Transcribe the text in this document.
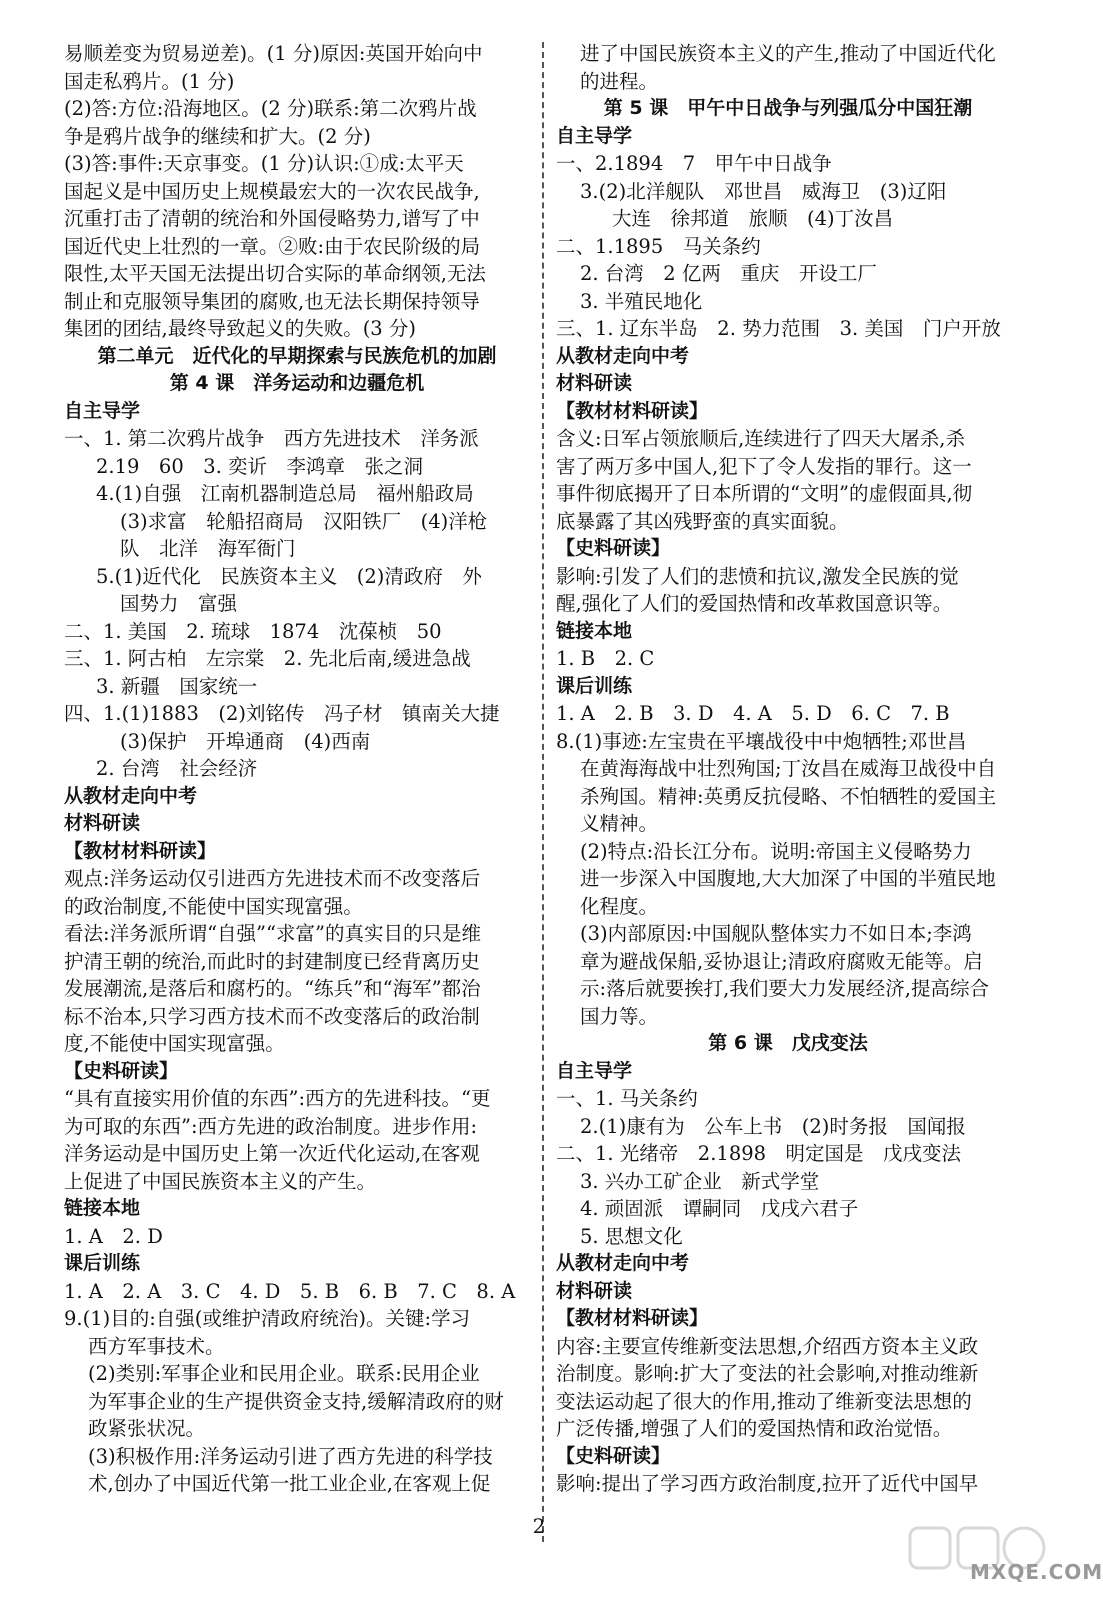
易顺差变为贸易逆差)。(1 分)原因:英国开始向中
国走私鸦片。(1 分)
(2)答:方位:沿海地区。(2 分)联系:第二次鸦片战
争是鸦片战争的继续和扩大。(2 分)
(3)答:事件:天京事变。(1 分)认识:①成:太平天
国起义是中国历史上规模最宏大的一次农民战争,
沉重打击了清朝的统治和外国侵略势力,谱写了中
国近代史上壮烈的一章。②败:由于农民阶级的局
限性,太平天国无法提出切合实际的革命纲领,无法
制止和克服领导集团的腐败,也无法长期保持领导
集团的团结,最终导致起义的失败。(3 分)
第二单元　近代化的早期探索与民族危机的加剧
第 4 课　洋务运动和边疆危机
自主导学
一、1. 第二次鸦片战争　西方先进技术　洋务派
2.19　60　3. 奕䜣　李鸿章　张之洞
4.(1)自强　江南机器制造总局　福州船政局
(3)求富　轮船招商局　汉阳铁厂　(4)洋枪
队　北洋　海军衙门
5.(1)近代化　民族资本主义　(2)清政府　外
国势力　富强
二、1. 美国　2. 琉球　1874　沈葆桢　50
三、1. 阿古柏　左宗棠　2. 先北后南,缓进急战
3. 新疆　国家统一
四、1.(1)1883　(2)刘铭传　冯子材　镇南关大捷
(3)保护　开埠通商　(4)西南
2. 台湾　社会经济
从教材走向中考
材料研读
【教材材料研读】
观点:洋务运动仅引进西方先进技术而不改变落后
的政治制度,不能使中国实现富强。
看法:洋务派所谓“自强”“求富”的真实目的只是维
护清王朝的统治,而此时的封建制度已经背离历史
发展潮流,是落后和腐朽的。“练兵”和“海军”都治
标不治本,只学习西方技术而不改变落后的政治制
度,不能使中国实现富强。
【史料研读】
“具有直接实用价值的东西”:西方的先进科技。“更
为可取的东西”:西方先进的政治制度。进步作用:
洋务运动是中国历史上第一次近代化运动,在客观
上促进了中国民族资本主义的产生。
链接本地
1. A　2. D
课后训练
1. A　2. A　3. C　4. D　5. B　6. B　7. C　8. A
9.(1)目的:自强(或维护清政府统治)。关键:学习
西方军事技术。
(2)类别:军事企业和民用企业。联系:民用企业
为军事企业的生产提供资金支持,缓解清政府的财
政紧张状况。
(3)积极作用:洋务运动引进了西方先进的科学技
术,创办了中国近代第一批工业企业,在客观上促
进了中国民族资本主义的产生,推动了中国近代化
的进程。
第 5 课　甲午中日战争与列强瓜分中国狂潮
自主导学
一、2.1894　7　甲午中日战争
3.(2)北洋舰队　邓世昌　威海卫　(3)辽阳
大连　徐邦道　旅顺　(4)丁汝昌
二、1.1895　马关条约
2. 台湾　2 亿两　重庆　开设工厂
3. 半殖民地化
三、1. 辽东半岛　2. 势力范围　3. 美国　门户开放
从教材走向中考
材料研读
【教材材料研读】
含义:日军占领旅顺后,连续进行了四天大屠杀,杀
害了两万多中国人,犯下了令人发指的罪行。这一
事件彻底揭开了日本所谓的“文明”的虚假面具,彻
底暴露了其凶残野蛮的真实面貌。
【史料研读】
影响:引发了人们的悲愤和抗议,激发全民族的觉
醒,强化了人们的爱国热情和改革救国意识等。
链接本地
1. B　2. C
课后训练
1. A　2. B　3. D　4. A　5. D　6. C　7. B
8.(1)事迹:左宝贵在平壤战役中中炮牺牲;邓世昌
在黄海海战中壮烈殉国;丁汝昌在威海卫战役中自
杀殉国。精神:英勇反抗侵略、不怕牺牲的爱国主
义精神。
(2)特点:沿长江分布。说明:帝国主义侵略势力
进一步深入中国腹地,大大加深了中国的半殖民地
化程度。
(3)内部原因:中国舰队整体实力不如日本;李鸿
章为避战保船,妥协退让;清政府腐败无能等。启
示:落后就要挨打,我们要大力发展经济,提高综合
国力等。
第 6 课　戊戌变法
自主导学
一、1. 马关条约
2.(1)康有为　公车上书　(2)时务报　国闻报
二、1. 光绪帝　2.1898　明定国是　戊戌变法
3. 兴办工矿企业　新式学堂
4. 顽固派　谭嗣同　戊戌六君子
5. 思想文化
从教材走向中考
材料研读
【教材材料研读】
内容:主要宣传维新变法思想,介绍西方资本主义政
治制度。影响:扩大了变法的社会影响,对推动维新
变法运动起了很大的作用,推动了维新变法思想的
广泛传播,增强了人们的爱国热情和政治觉悟。
【史料研读】
影响:提出了学习西方政治制度,拉开了近代中国早
2
MXQE.COM
